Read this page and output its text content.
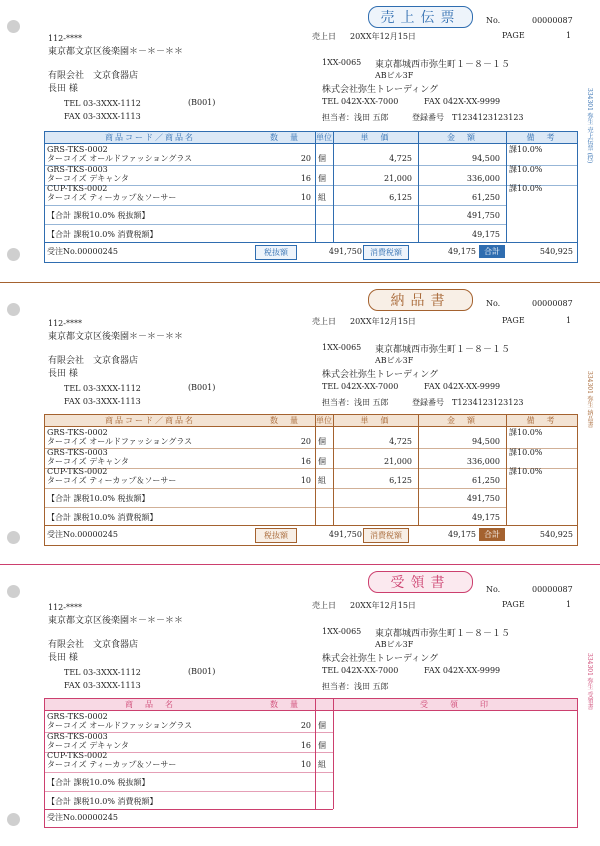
売上伝票	No.	00000087
売上日 20XX年12月15日	PAGE	1
112-****
東京都文京区後楽園＊－＊－＊＊
有限会社　文京食器店
長田 様
TEL 03-3XXX-1112
FAX 03-3XXX-1113
(B001)
1XX-0065 東京都城西市弥生町１－８－１５
ABビル3F
株式会社弥生トレーディング
TEL 042X-XX-7000	FAX 042X-XX-9999
担当者：浅田 五郎	登録番号　T1234123123123	334301 弥生 売上伝票 (控)
商品コード／商品名	数　量	単位	単　価	金　額	備　考
GRS-TKS-0002
ターコイズ オールドファッショングラス	20 個	4,725	94,500
課10.0%
GRS-TKS-0003
ターコイズ デキャンタ	16 個	21,000	336,000
課10.0%
CUP-TKS-0002
ターコイズ ティーカップ＆ソーサー	10 組	6,125	61,250
課10.0%
【合計 課税10.0% 税抜額】	491,750
【合計 課税10.0% 消費税額】	49,175
受注No.00000245	税抜額	491,750	消費税額	49,175	合計	540,925
納品書	No.	00000087
売上日 20XX年12月15日	PAGE	1
112-****
東京都文京区後楽園＊－＊－＊＊
有限会社　文京食器店
長田 様
TEL 03-3XXX-1112
FAX 03-3XXX-1113
(B001)
1XX-0065 東京都城西市弥生町１－８－１５
ABビル3F
株式会社弥生トレーディング
TEL 042X-XX-7000	FAX 042X-XX-9999
担当者：浅田 五郎	登録番号　T1234123123123	334301 弥生 納品書
商品コード／商品名	数　量	単位	単　価	金　額	備　考
GRS-TKS-0002
ターコイズ オールドファッショングラス	20 個	4,725	94,500
課10.0%
GRS-TKS-0003
ターコイズ デキャンタ	16 個	21,000	336,000
課10.0%
CUP-TKS-0002
ターコイズ ティーカップ＆ソーサー	10 組	6,125	61,250
課10.0%
【合計 課税10.0% 税抜額】	491,750
【合計 課税10.0% 消費税額】	49,175
受注No.00000245	税抜額	491,750	消費税額	49,175	合計	540,925
受領書	No.	00000087
売上日 20XX年12月15日	PAGE	1
112-****
東京都文京区後楽園＊－＊－＊＊
有限会社　文京食器店
長田 様
TEL 03-3XXX-1112
FAX 03-3XXX-1113
(B001)
1XX-0065 東京都城西市弥生町１－８－１５
ABビル3F
株式会社弥生トレーディング
TEL 042X-XX-7000	FAX 042X-XX-9999
担当者：浅田 五郎	334301 弥生 受領書
商　品　名	数　量	受　　領　　印
GRS-TKS-0002
ターコイズ オールドファッショングラス	20 個
GRS-TKS-0003
ターコイズ デキャンタ	16 個
CUP-TKS-0002
ターコイズ ティーカップ＆ソーサー	10 組
【合計 課税10.0% 税抜額】
【合計 課税10.0% 消費税額】
受注No.00000245
